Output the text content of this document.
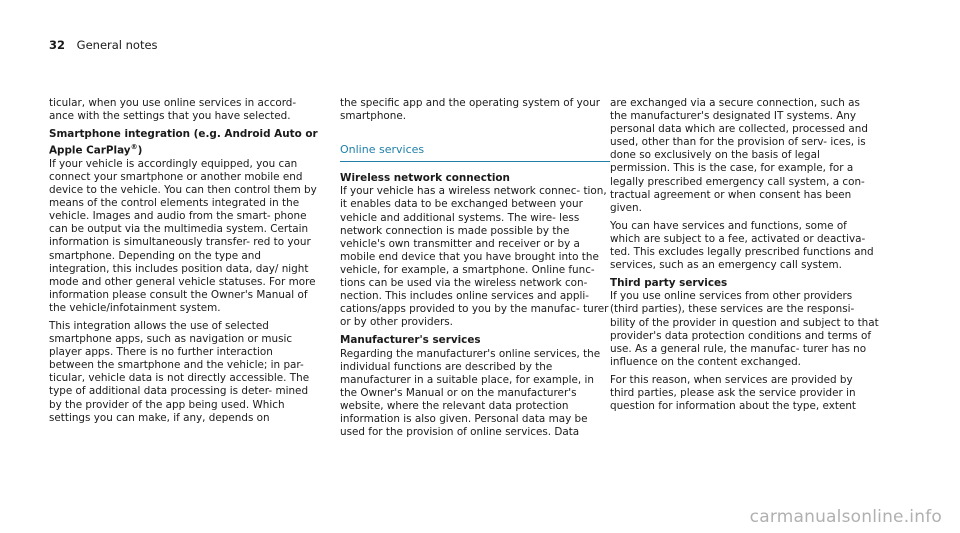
32 General notes

ticular, when you use online services in accord- ance with the settings that you have selected.

Smartphone integration (e.g. Android Auto or
Apple CarPlay®)

If your vehicle is accordingly equipped, you can connect your smartphone or another mobile end device to the vehicle. You can then control them by means of the control elements integrated in the vehicle. Images and audio from the smart- phone can be output via the multimedia system. Certain information is simultaneously transfer- red to your smartphone. Depending on the type and integration, this includes position data, day/ night mode and other general vehicle statuses. For more information please consult the Owner's Manual of the vehicle/infotainment system.

This integration allows the use of selected smartphone apps, such as navigation or music player apps. There is no further interaction between the smartphone and the vehicle; in par- ticular, vehicle data is not directly accessible. The type of additional data processing is deter- mined by the provider of the app being used. Which settings you can make, if any, depends on

the specific app and the operating system of your smartphone.

Online services

Wireless network connection

If your vehicle has a wireless network connec- tion, it enables data to be exchanged between your vehicle and additional systems. The wire- less network connection is made possible by the vehicle's own transmitter and receiver or by a mobile end device that you have brought into the vehicle, for example, a smartphone. Online func- tions can be used via the wireless network con- nection. This includes online services and appli- cations/apps provided to you by the manufac- turer or by other providers.

Manufacturer's services

Regarding the manufacturer's online services, the individual functions are described by the manufacturer in a suitable place, for example, in the Owner's Manual or on the manufacturer's website, where the relevant data protection information is also given. Personal data may be used for the provision of online services. Data

are exchanged via a secure connection, such as the manufacturer's designated IT systems. Any personal data which are collected, processed and used, other than for the provision of serv- ices, is done so exclusively on the basis of legal permission. This is the case, for example, for a legally prescribed emergency call system, a con- tractual agreement or when consent has been given.

You can have services and functions, some of which are subject to a fee, activated or deactiva- ted. This excludes legally prescribed functions and services, such as an emergency call system.

Third party services

If you use online services from other providers (third parties), these services are the responsi- bility of the provider in question and subject to that provider's data protection conditions and terms of use. As a general rule, the manufac- turer has no influence on the content exchanged.

For this reason, when services are provided by third parties, please ask the service provider in question for information about the type, extent

carmanualsonline.info
